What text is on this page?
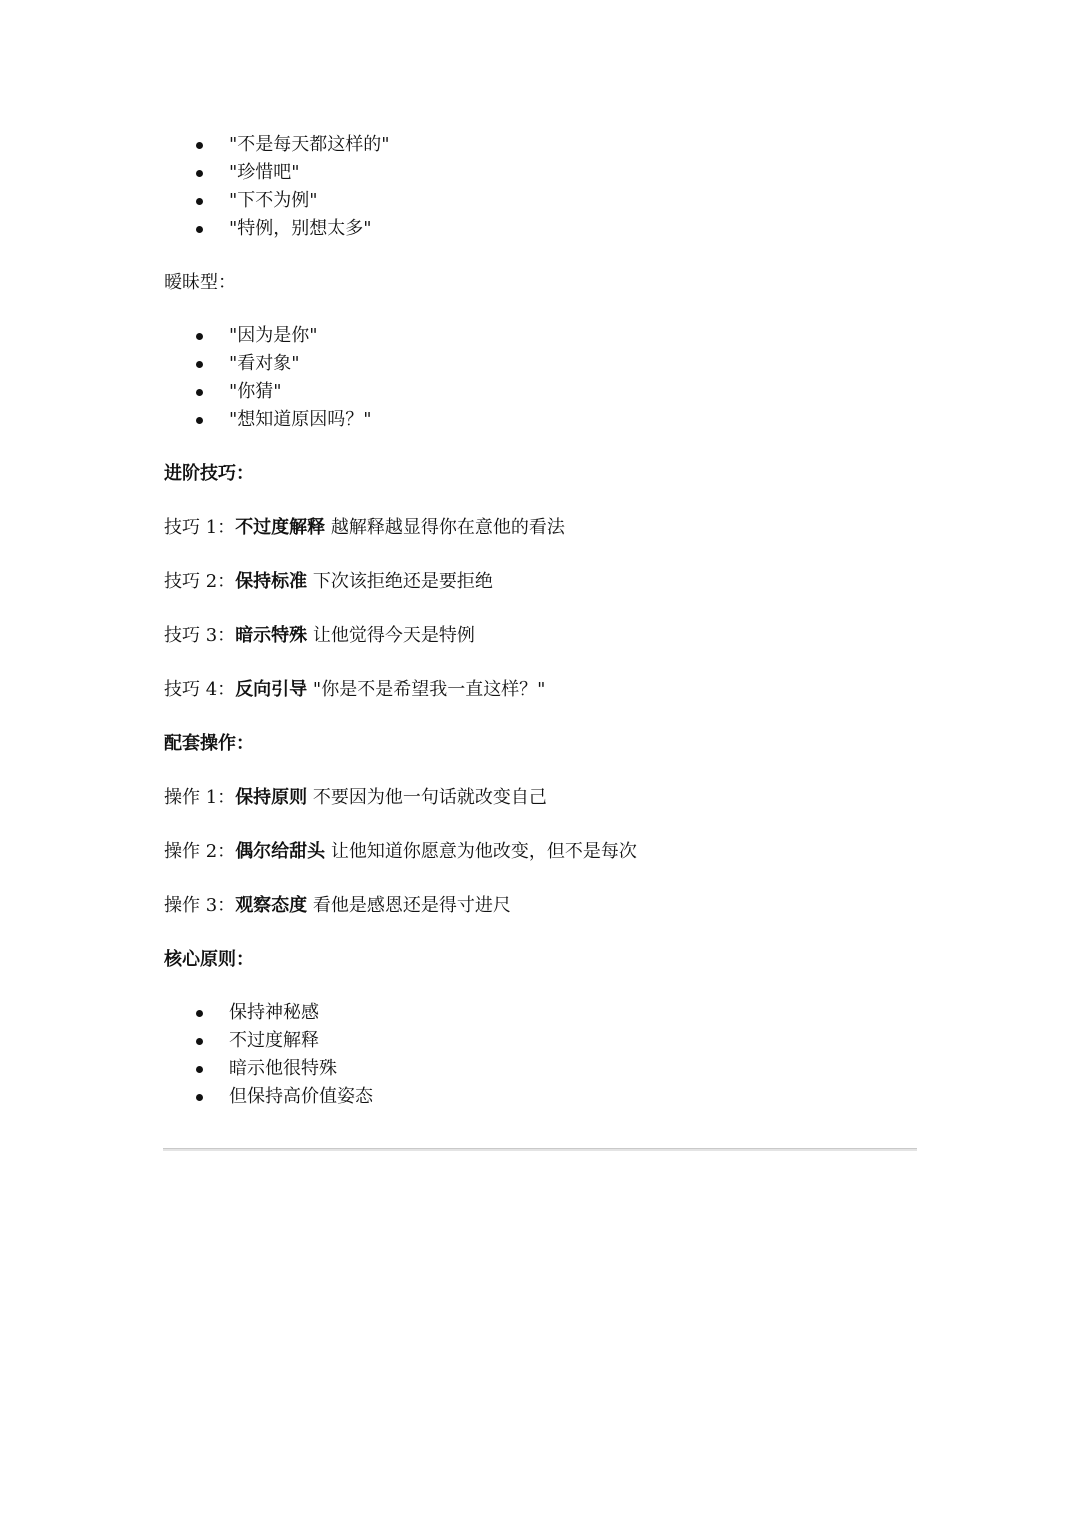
"不是每天都这样的"
"珍惜吧"
"下不为例"
"特例，别想太多"

暧昧型：

"因为是你"
"看对象"
"你猜"
"想知道原因吗？"

进阶技巧：

技巧 1：不过度解释 越解释越显得你在意他的看法

技巧 2：保持标准 下次该拒绝还是要拒绝

技巧 3：暗示特殊 让他觉得今天是特例

技巧 4：反向引导 "你是不是希望我一直这样？"

配套操作：

操作 1：保持原则 不要因为他一句话就改变自己

操作 2：偶尔给甜头 让他知道你愿意为他改变，但不是每次

操作 3：观察态度 看他是感恩还是得寸进尺

核心原则：

保持神秘感
不过度解释
暗示他很特殊
但保持高价值姿态
